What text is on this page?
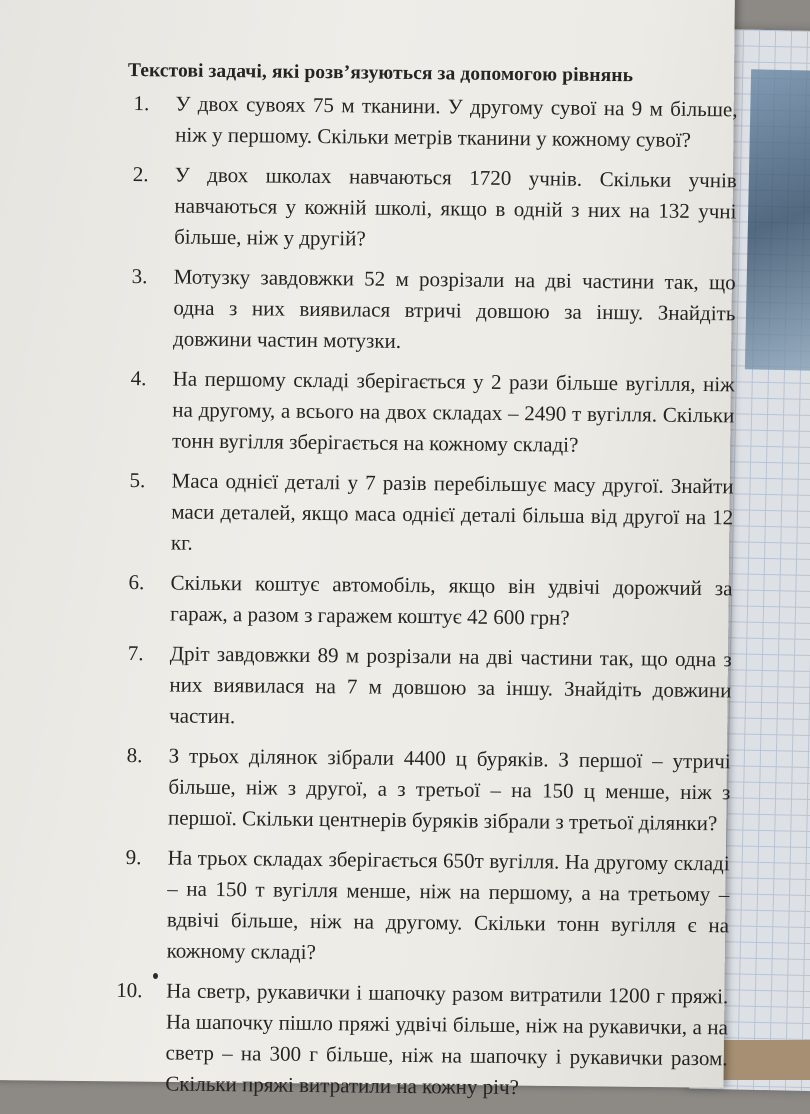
Текстові задачі, які розв’язуються за допомогою рівнянь
1.	У двох сувоях 75 м тканини. У другому сувої на 9 м більше, ніж у першому. Скільки метрів тканини у кожному сувої?
2.	У двох школах навчаються 1720 учнів. Скільки учнів навчаються у кожній школі, якщо в одній з них на 132 учні більше, ніж у другій?
3.	Мотузку завдовжки 52 м розрізали на дві частини так, що одна з них виявилася втричі довшою за іншу. Знайдіть довжини частин мотузки.
4.	На першому складі зберігається у 2 рази більше вугілля, ніж на другому, а всього на двох складах – 2490 т вугілля. Скільки тонн вугілля зберігається на кожному складі?
5.	Маса однієї деталі у 7 разів перебільшує масу другої. Знайти маси деталей, якщо маса однієї деталі більша від другої на 12 кг.
6.	Скільки коштує автомобіль, якщо він удвічі дорожчий за гараж, а разом з гаражем коштує 42 600 грн?
7.	Дріт завдовжки 89 м розрізали на дві частини так, що одна з них виявилася на 7 м довшою за іншу. Знайдіть довжини частин.
8.	З трьох ділянок зібрали 4400 ц буряків. З першої – утричі більше, ніж з другої, а з третьої – на 150 ц менше, ніж з першої. Скільки центнерів буряків зібрали з третьої ділянки?
9.	На трьох складах зберігається 650т вугілля. На другому складі – на 150 т вугілля менше, ніж на першому, а на третьому – вдвічі більше, ніж на другому. Скільки тонн вугілля є на кожному складі?
10.	На светр, рукавички і шапочку разом витратили 1200 г пряжі. На шапочку пішло пряжі удвічі більше, ніж на рукавички, а на светр – на 300 г більше, ніж на шапочку і рукавички разом. Скільки пряжі витратили на кожну річ?
